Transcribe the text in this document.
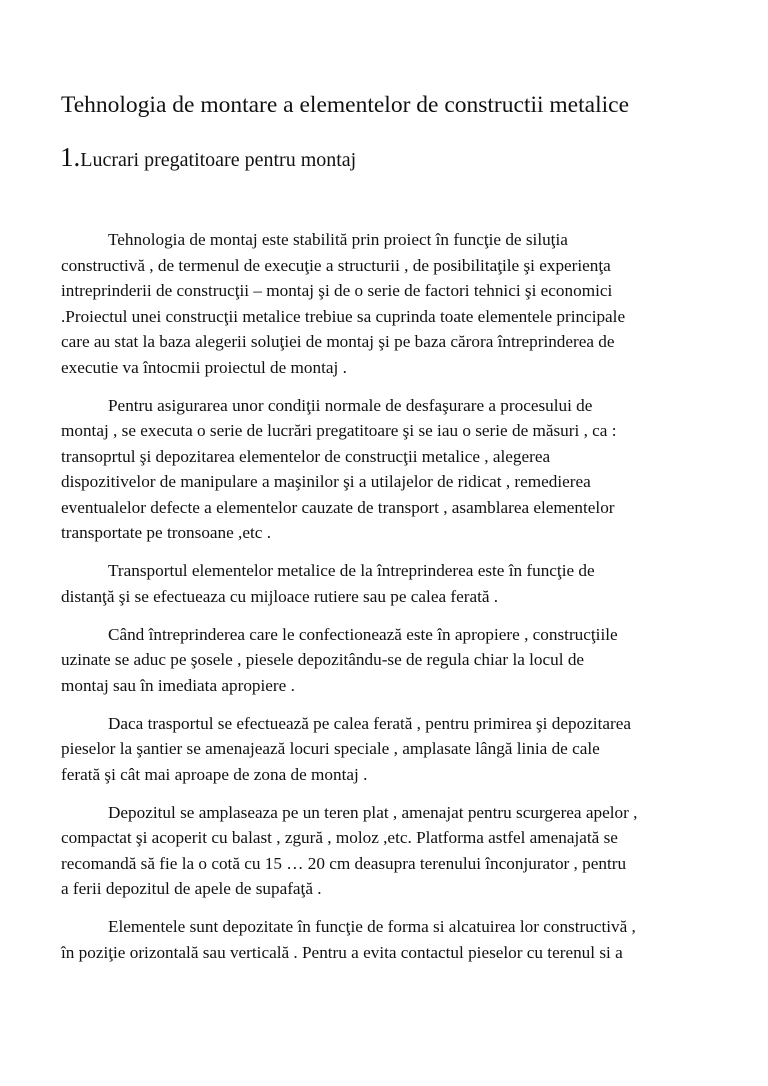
Tehnologia de montare a elementelor de constructii metalice
1.Lucrari pregatitoare pentru montaj

Tehnologia de montaj este stabilită prin proiect în funcţie de siluţia
constructivă , de termenul de execuţie a structurii , de posibilitaţile şi experienţa
intreprinderii de construcţii – montaj şi de o serie de factori tehnici şi economici
.Proiectul unei construcţii metalice trebiue sa cuprinda toate elementele principale
care au stat la baza alegerii soluţiei de montaj şi pe baza cărora întreprinderea de
executie va întocmii proiectul de montaj .

Pentru asigurarea unor condiţii normale de desfaşurare a procesului de
montaj , se executa o serie de lucrări pregatitoare şi se iau o serie de măsuri , ca :
transoprtul şi depozitarea elementelor de construcţii metalice , alegerea
dispozitivelor de manipulare a maşinilor şi a utilajelor de ridicat , remedierea
eventualelor defecte a elementelor cauzate de transport , asamblarea elementelor
transportate pe tronsoane ,etc .

Transportul elementelor metalice de la întreprinderea este în funcţie de
distanţă şi se efectueaza cu mijloace rutiere sau pe calea ferată .

Când întreprinderea care le confectionează este în apropiere , construcţiile
uzinate se aduc pe şosele , piesele depozitându-se de regula chiar la locul de
montaj sau în imediata apropiere .

Daca trasportul se efectuează pe calea ferată , pentru primirea şi depozitarea
pieselor la şantier se amenajează locuri speciale , amplasate lângă linia de cale
ferată şi cât mai aproape de zona de montaj .

Depozitul se amplaseaza pe un teren plat , amenajat pentru scurgerea apelor ,
compactat şi acoperit cu balast , zgură , moloz ,etc. Platforma astfel amenajată se
recomandă să fie la o cotă cu 15 … 20 cm deasupra terenului înconjurator , pentru
a ferii depozitul de apele de supafaţă .

Elementele sunt depozitate în funcţie de forma si alcatuirea lor constructivă ,
în poziţie orizontală sau verticală . Pentru a evita contactul pieselor cu terenul si a
